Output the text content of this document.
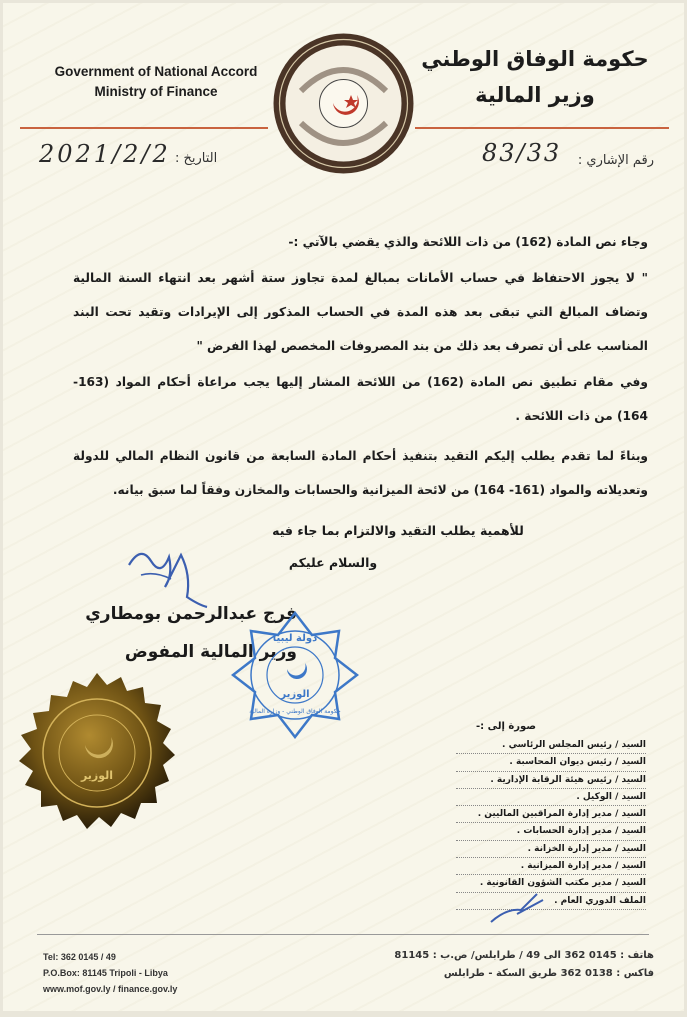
Government of National Accord
Ministry of Finance
حكومة الوفاق الوطني
وزير المالية
: التاريخ
2021/2/2	رقم الإشاري :
83/33

وجاء نص المادة (162) من ذات اللائحة والذي يقضي بالآتي :-

" لا يجوز الاحتفاظ في حساب الأمانات بمبالغ لمدة تجاوز ستة أشهر بعد انتهاء السنة المالية وتضاف المبالغ التي تبقى بعد هذه المدة في الحساب المذكور إلى الإيرادات وتقيد تحت البند المناسب على أن تصرف بعد ذلك من بند المصروفات المخصص لهذا الفرض "

وفي مقام تطبيق نص المادة (162) من اللائحة المشار إليها يجب مراعاة أحكام المواد (163- 164) من ذات اللائحة .

وبناءً لما تقدم يطلب إليكم التقيد بتنفيذ أحكام المادة السابعة من قانون النظام المالي للدولة وتعديلاته والمواد (161- 164) من لائحة الميزانية والحسابات والمخازن وفقاً لما سبق بيانه.

للأهمية يطلب التقيد والالتزام بما جاء فيه
والسلام عليكم
فرج عبدالرحمن بومطاري
وزير المالية المفوض
دولة ليبيا
الوزير
حكومة الوفاق الوطني - وزارة المالية
الوزير
صورة إلى :-
السيد / رئيس المجلس الرئاسي .
السيد / رئيس ديوان المحاسبة .
السيد / رئيس هيئة الرقابة الإدارية .
السيد / الوكيل .
السيد / مدير إدارة المراقبين الماليين .
السيد / مدير إدارة الحسابات .
السيد / مدير إدارة الخزانة .
السيد / مدير إدارة الميزانية .
السيد / مدير مكتب الشؤون القانونية .
الملف الدوري العام .
Tel: 362 0145 / 49
P.O.Box: 81145 Tripoli - Libya
www.mof.gov.ly / finance.gov.ly
هاتف : 0145 362 الى 49 / طرابلس/ ص.ب : 81145
فاكس : 0138 362 طريق السكة - طرابلس
